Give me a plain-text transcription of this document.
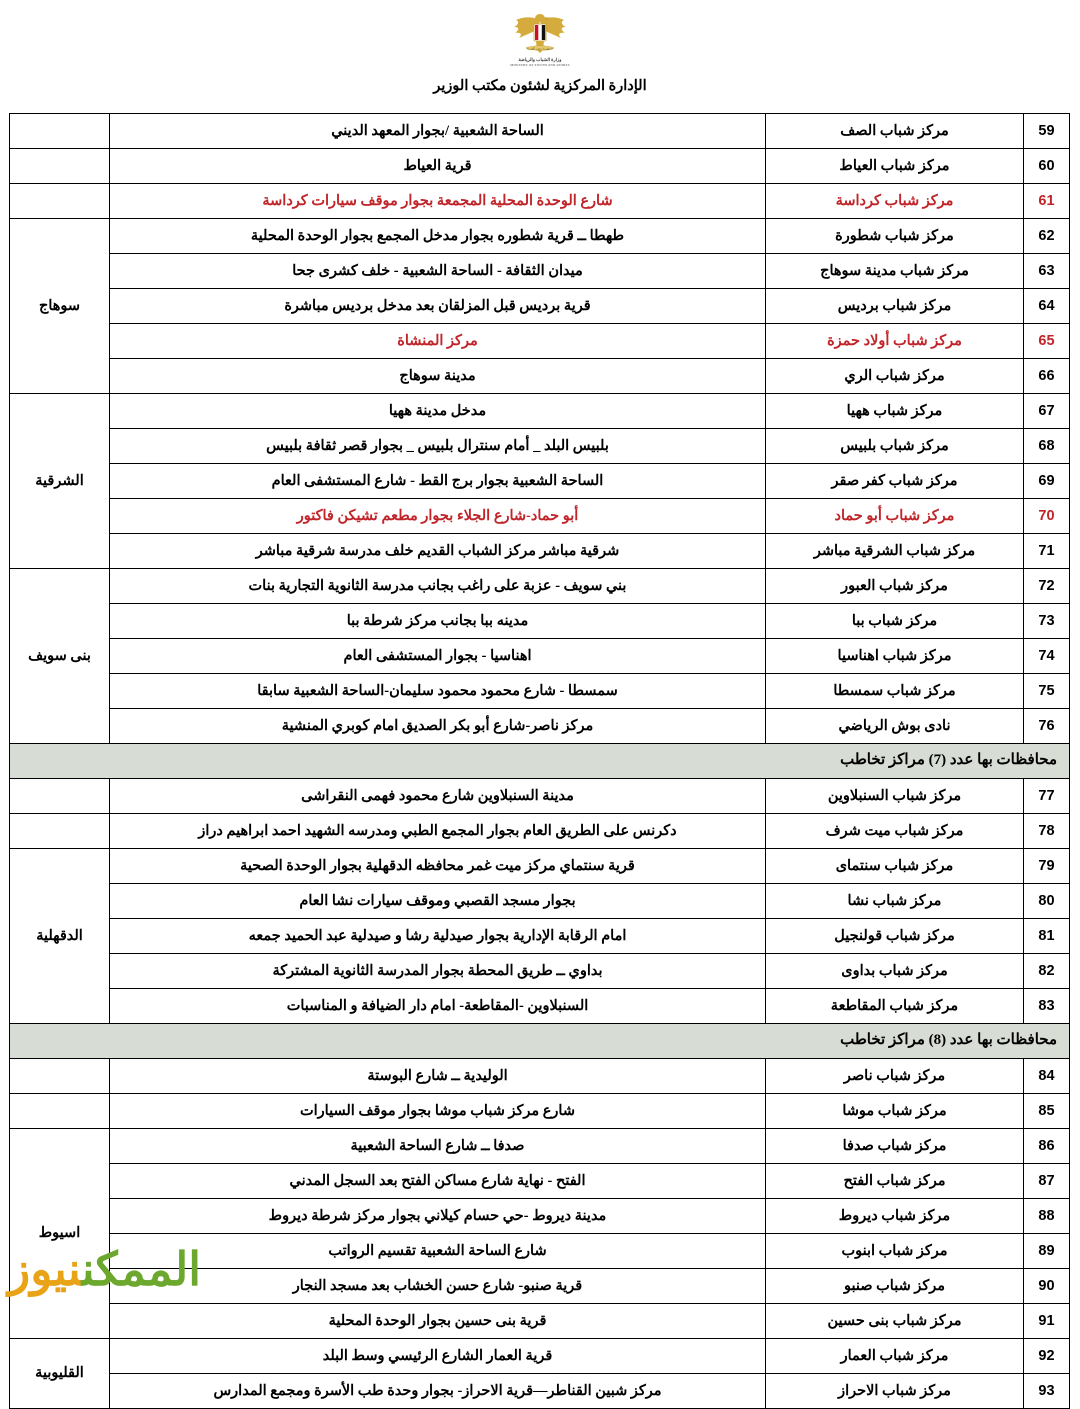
جمهورية مصر العربية
وزارة الشباب والرياضة
MINISTRY OF YOUTH AND SPORTS
الإدارة المركزية لشئون مكتب الوزير
59	مركز شباب الصف	الساحة الشعبية /بجوار المعهد الديني	
60	مركز شباب العياط	قرية العياط	
61	مركز شباب كرداسة	شارع الوحدة المحلية المجمعة بجوار موقف سيارات كرداسة	
62	مركز شباب شطورة	طهطا ــ قرية شطوره بجوار مدخل المجمع بجوار الوحدة المحلية	سوهاج
63	مركز شباب مدينة سوهاج	ميدان الثقافة - الساحة الشعبية - خلف كشرى جحا	
64	مركز شباب برديس	قرية برديس قبل المزلقان بعد مدخل برديس مباشرة	
65	مركز شباب أولاد حمزة	مركز المنشاة	
66	مركز شباب الري	مدينة سوهاج	
67	مركز شباب ههيا	مدخل مدينة ههيا	الشرقية
68	مركز شباب بلبيس	بلبيس البلد _ أمام سنترال بلبيس _ بجوار قصر ثقافة بلبيس	
69	مركز شباب كفر صقر	الساحة الشعبية بجوار برج القط - شارع المستشفى العام	
70	مركز شباب أبو حماد	أبو حماد-شارع الجلاء بجوار مطعم تشيكن فاكتور	
71	مركز شباب الشرقية مباشر	شرقية مباشر مركز الشباب القديم خلف مدرسة شرقية مباشر	
72	مركز شباب العبور	بني سويف - عزبة على راغب بجانب مدرسة الثانوية التجارية بنات	بنى سويف
73	مركز شباب ببا	مدينه ببا بجانب مركز شرطة ببا	
74	مركز شباب اهناسيا	اهناسيا - بجوار المستشفى العام	
75	مركز شباب سمسطا	سمسطا - شارع محمود محمود سليمان-الساحة الشعبية سابقا	
76	نادى بوش الرياضي	مركز ناصر-شارع أبو بكر الصديق امام كوبري المنشية	
محافظات بها عدد (7) مراكز تخاطب			
77	مركز شباب السنبلاوين	مدينة السنبلاوين شارع محمود فهمى النقراشى	
78	مركز شباب ميت شرف	دكرنس على الطريق العام بجوار المجمع الطبي ومدرسه الشهيد احمد ابراهيم دراز	
79	مركز شباب سنتماى	قرية سنتماي مركز ميت غمر محافظه الدقهلية بجوار الوحدة الصحية	الدقهلية
80	مركز شباب نشا	بجوار مسجد القصبي وموقف سيارات نشا العام	
81	مركز شباب قولنجيل	امام الرقابة الإدارية بجوار صيدلية رشا و صيدلية عبد الحميد جمعه	
82	مركز شباب بداوى	بداوي ــ طريق المحطة بجوار المدرسة الثانوية المشتركة	
83	مركز شباب المقاطعة	السنبلاوين -المقاطعة- امام دار الضيافة و المناسبات	
محافظات بها عدد (8) مراكز تخاطب			
84	مركز شباب ناصر	الوليدية ــ شارع البوستة	
85	مركز شباب موشا	شارع مركز شباب موشا بجوار موقف السيارات	
86	مركز شباب صدفا	صدفا ــ شارع الساحة الشعبية	اسيوط
87	مركز شباب الفتح	الفتح - نهاية شارع مساكن الفتح بعد السجل المدني	
88	مركز شباب ديروط	مدينة ديروط -حي حسام كيلاني بجوار مركز شرطة ديروط	
89	مركز شباب ابنوب	شارع الساحة الشعبية تقسيم الرواتب	
90	مركز شباب صنبو	قرية صنبو- شارع حسن الخشاب بعد مسجد النجار	
91	مركز شباب بنى حسين	قرية بنى حسين بجوار الوحدة المحلية	
92	مركز شباب العمار	قرية العمار الشارع الرئيسي وسط البلد	القليوبية
93	مركز شباب الاحراز	مركز شبين القناطر—قرية الاحراز- بجوار وحدة طب الأسرة ومجمع المدارس	
الممكننيوز
